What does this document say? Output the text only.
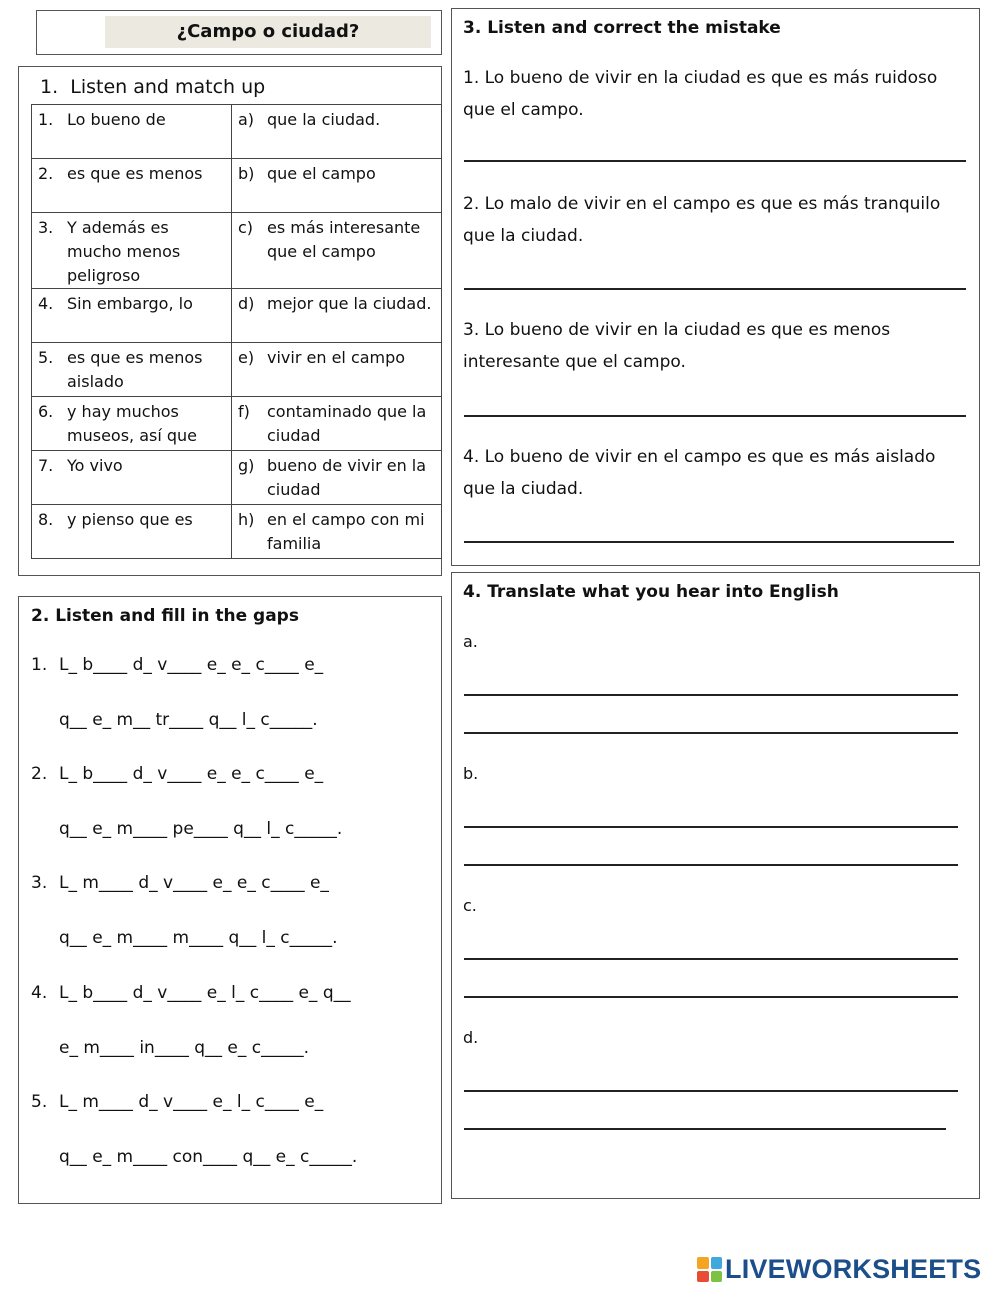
¿Campo o ciudad?
1. Listen and match up
1. Lo bueno de	a) que la ciudad.

2. es que es menos	b) que el campo

3. Y además es mucho menos peligroso	c) es más interesante que el campo

4. Sin embargo, lo	d) mejor que la ciudad.

5. es que es menos aislado	e) vivir en el campo

6. y hay muchos museos, así que	f) contaminado que la ciudad

7. Yo vivo	g) bueno de vivir en la ciudad

8. y pienso que es	h) en el campo con mi familia
2. Listen and fill in the gaps
1. L_ b____ d_ v____ e_ e_ c____ e_
q__ e_ m__ tr____ q__ l_ c_____.
2. L_ b____ d_ v____ e_ e_ c____ e_
q__ e_ m____ pe____ q__ l_ c_____.
3. L_ m____ d_ v____ e_ e_ c____ e_
q__ e_ m____ m____ q__ l_ c_____.
4. L_ b____ d_ v____ e_ l_ c____ e_ q__
e_ m____ in____ q__ e_ c_____.
5. L_ m____ d_ v____ e_ l_ c____ e_
q__ e_ m____ con____ q__ e_ c_____.
3. Listen and correct the mistake
1. Lo bueno de vivir en la ciudad es que es más ruidoso que el campo.
2. Lo malo de vivir en el campo es que es más tranquilo que la ciudad.
3. Lo bueno de vivir en la ciudad es que es menos interesante que el campo.
4. Lo bueno de vivir en el campo es que es más aislado que la ciudad.
4. Translate what you hear into English
a.
b.
c.
d.
LIVEWORKSHEETS
